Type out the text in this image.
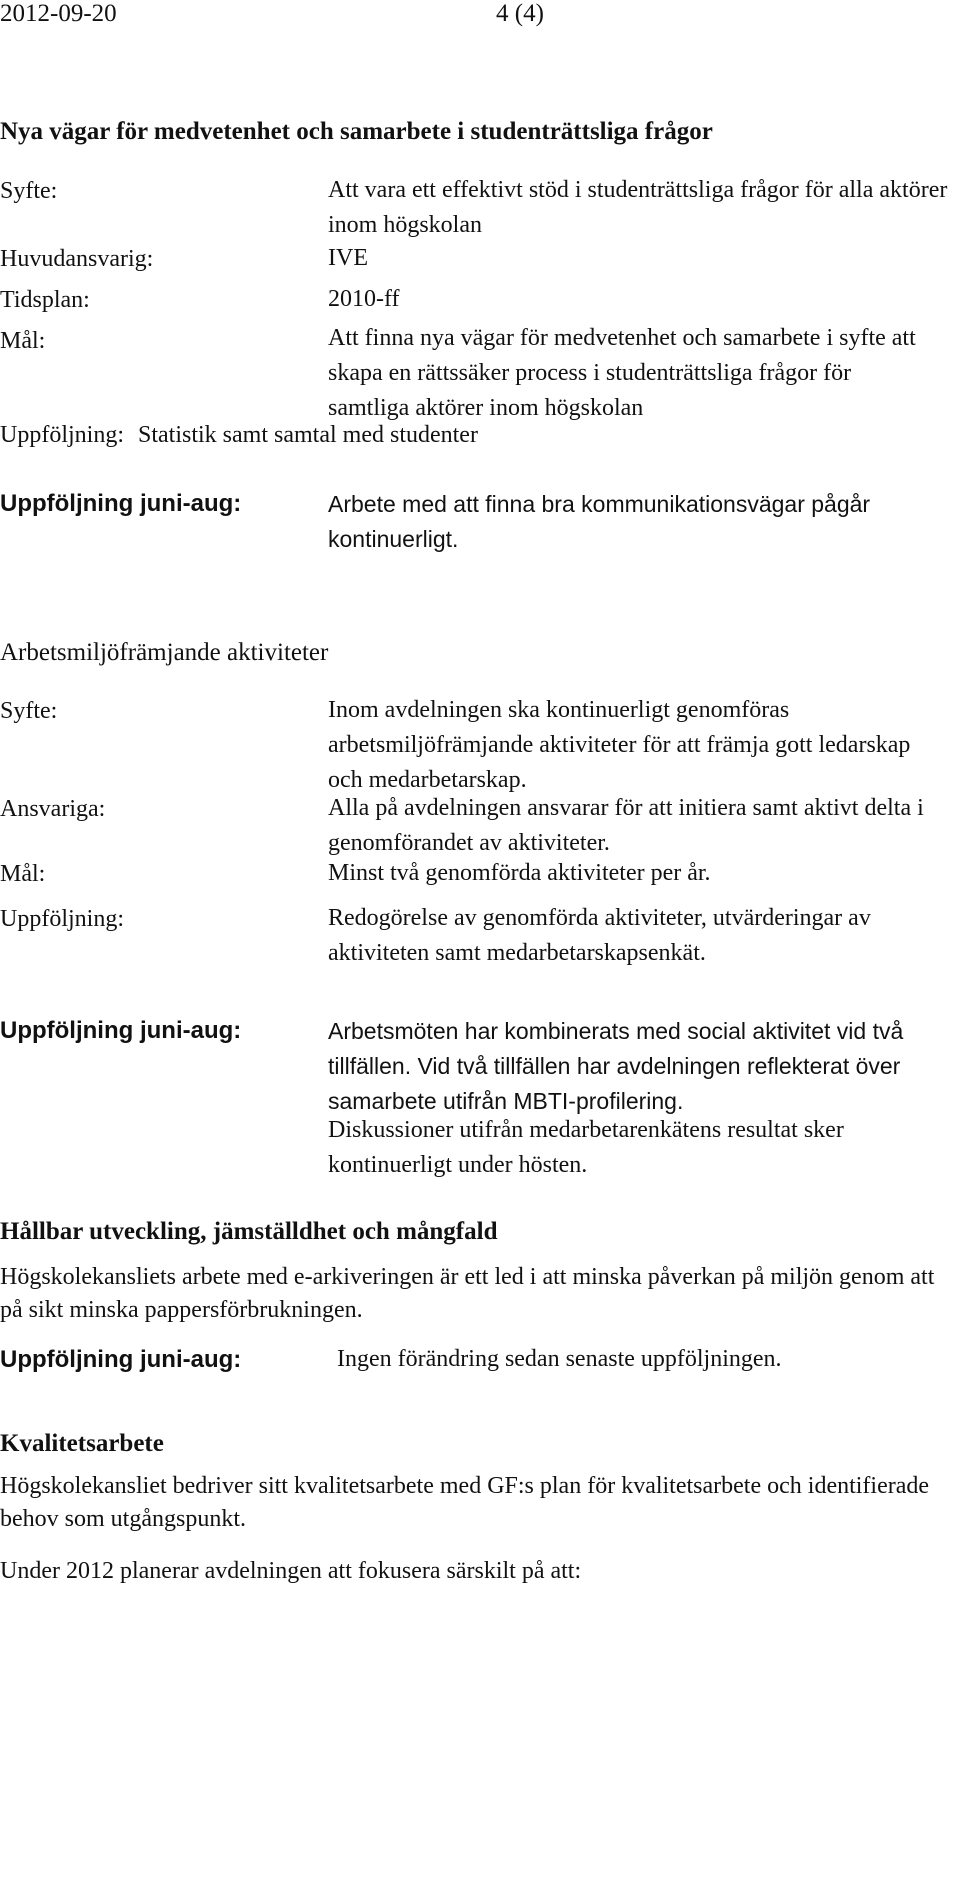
2012-09-20	4 (4)
Nya vägar för medvetenhet och samarbete i studenträttsliga frågor
Syfte:	Att vara ett effektivt stöd i studenträttsliga frågor för alla aktörer inom högskolan
Huvudansvarig:	IVE
Tidsplan:	2010-ff
Mål:	Att finna nya vägar för medvetenhet och samarbete i syfte att skapa en rättssäker process i studenträttsliga frågor för samtliga aktörer inom högskolan
Uppföljning: Statistik samt samtal med studenter
Uppföljning juni-aug:	Arbete med att finna bra kommunikationsvägar pågår kontinuerligt.
Arbetsmiljöfrämjande aktiviteter
Syfte:	Inom avdelningen ska kontinuerligt genomföras arbetsmiljöfrämjande aktiviteter för att främja gott ledarskap och medarbetarskap.
Ansvariga:	Alla på avdelningen ansvarar för att initiera samt aktivt delta i genomförandet av aktiviteter.
Mål:	Minst två genomförda aktiviteter per år.
Uppföljning:	Redogörelse av genomförda aktiviteter, utvärderingar av aktiviteten samt medarbetarskapsenkät.
Uppföljning juni-aug:	Arbetsmöten har kombinerats med social aktivitet vid två tillfällen. Vid två tillfällen har avdelningen reflekterat över samarbete utifrån MBTI-profilering.
Diskussioner utifrån medarbetarenkätens resultat sker kontinuerligt under hösten.
Hållbar utveckling, jämställdhet och mångfald
Högskolekansliets arbete med e-arkiveringen är ett led i att minska påverkan på miljön genom att på sikt minska pappersförbrukningen.
Uppföljning juni-aug:	Ingen förändring sedan senaste uppföljningen.
Kvalitetsarbete
Högskolekansliet bedriver sitt kvalitetsarbete med GF:s plan för kvalitetsarbete och identifierade behov som utgångspunkt.
Under 2012 planerar avdelningen att fokusera särskilt på att:
